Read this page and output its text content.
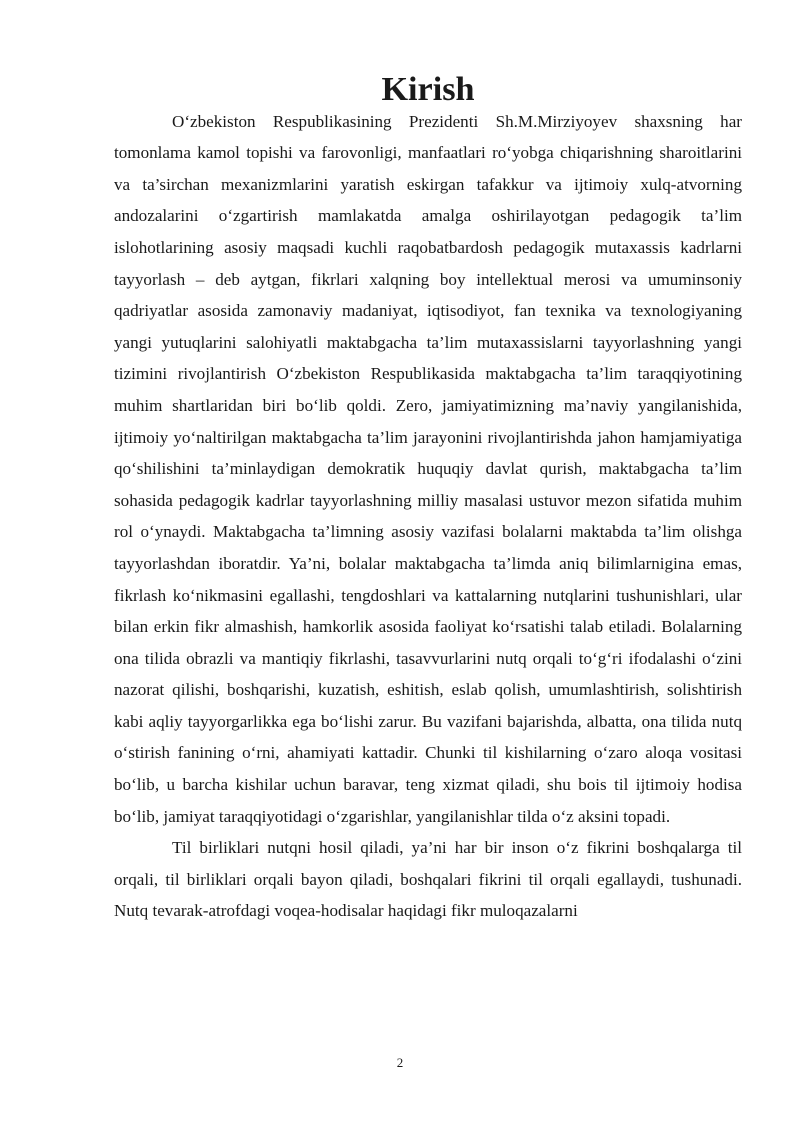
Kirish

O‘zbekiston Respublikasining Prezidenti Sh.M.Mirziyoyev shaxsning har tomonlama kamol topishi va farovonligi, manfaatlari ro‘yobga chiqarishning sharoitlarini va ta’sirchan mexanizmlarini yaratish eskirgan tafakkur va ijtimoiy xulq-atvorning andozalarini o‘zgartirish mamlakatda amalga oshirilayotgan pedagogik ta’lim islohotlarining asosiy maqsadi kuchli raqobatbardosh pedagogik mutaxassis kadrlarni tayyorlash – deb aytgan, fikrlari xalqning boy intellektual merosi va umuminsoniy qadriyatlar asosida zamonaviy madaniyat, iqtisodiyot, fan texnika va texnologiyaning yangi yutuqlarini salohiyatli maktabgacha ta’lim mutaxassislarni tayyorlashning yangi tizimini rivojlantirish O‘zbekiston Respublikasida maktabgacha ta’lim taraqqiyotining muhim shartlaridan biri bo‘lib qoldi. Zero, jamiyatimizning ma’naviy yangilanishida, ijtimoiy yo‘naltirilgan maktabgacha ta’lim jarayonini rivojlantirishda jahon hamjamiyatiga qo‘shilishini ta’minlaydigan demokratik huquqiy davlat qurish, maktabgacha ta’lim sohasida pedagogik kadrlar tayyorlashning milliy masalasi ustuvor mezon sifatida muhim rol o‘ynaydi. Maktabgacha ta’limning asosiy vazifasi bolalarni maktabda ta’lim olishga tayyorlashdan iboratdir. Ya’ni, bolalar maktabgacha ta’limda aniq bilimlarnigina emas, fikrlash ko‘nikmasini egallashi, tengdoshlari va kattalarning nutqlarini tushunishlari, ular bilan erkin fikr almashish, hamkorlik asosida faoliyat ko‘rsatishi talab etiladi. Bolalarning ona tilida obrazli va mantiqiy fikrlashi, tasavvurlarini nutq orqali to‘g‘ri ifodalashi o‘zini nazorat qilishi, boshqarishi, kuzatish, eshitish, eslab qolish, umumlashtirish, solishtirish kabi aqliy tayyorgarlikka ega bo‘lishi zarur. Bu vazifani bajarishda, albatta, ona tilida nutq o‘stirish fanining o‘rni, ahamiyati kattadir. Chunki til kishilarning o‘zaro aloqa vositasi bo‘lib, u barcha kishilar uchun baravar, teng xizmat qiladi, shu bois til ijtimoiy hodisa bo‘lib, jamiyat taraqqiyotidagi o‘zgarishlar, yangilanishlar tilda o‘z aksini topadi.

Til birliklari nutqni hosil qiladi, ya’ni har bir inson o‘z fikrini boshqalarga til orqali, til birliklari orqali bayon qiladi, boshqalari fikrini til orqali egallaydi, tushunadi. Nutq tevarak-atrofdagi voqea-hodisalar haqidagi fikr muloqazalarni

2
